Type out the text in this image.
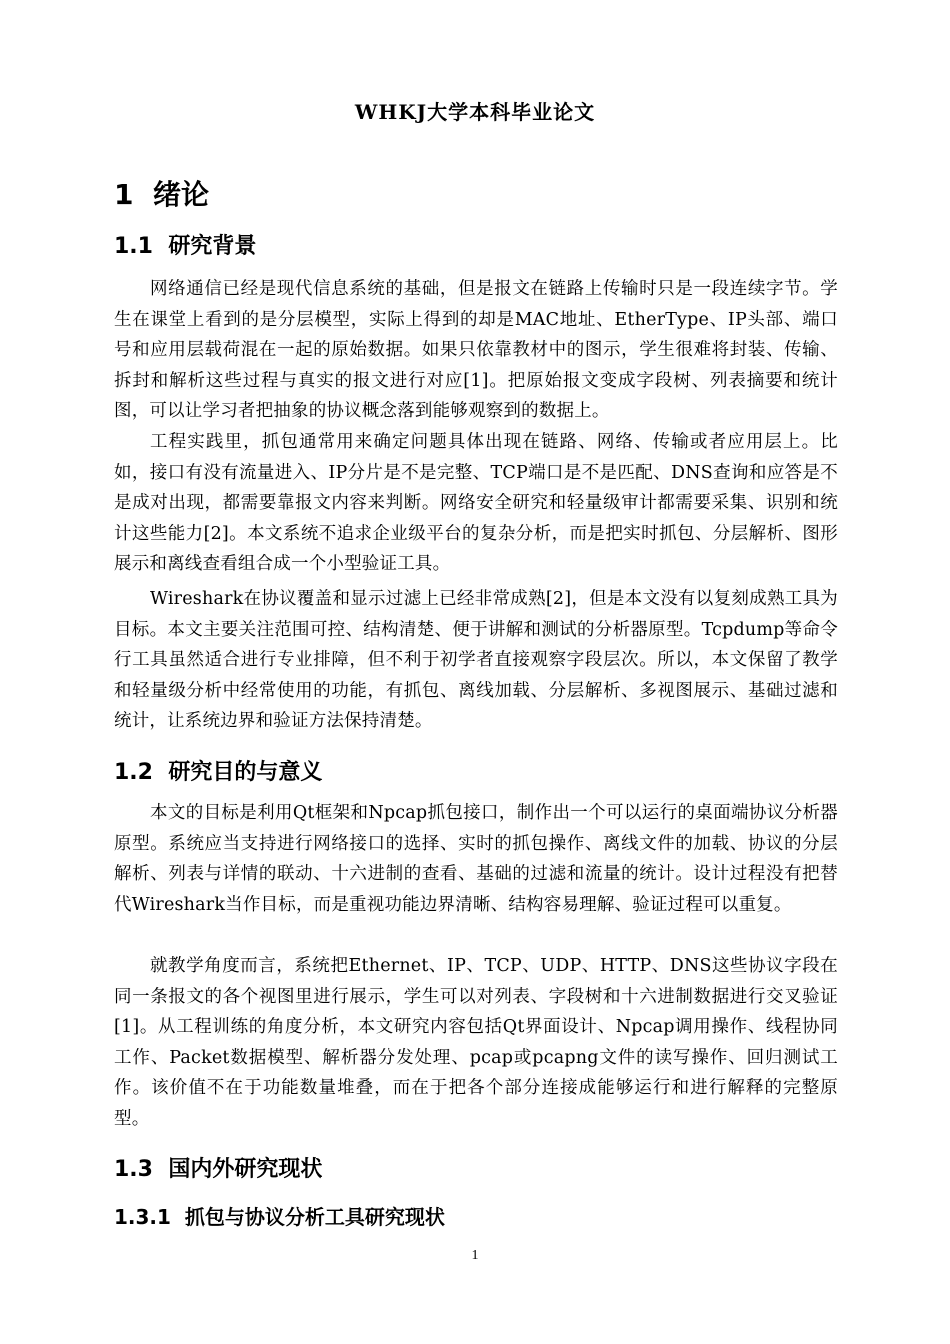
WHKJ大学本科毕业论文
1 绪论
1.1 研究背景

网络通信已经是现代信息系统的基础，但是报文在链路上传输时只是一段连续字节。学生在课堂上看到的是分层模型，实际上得到的却是MAC地址、EtherType、IP头部、端口号和应用层载荷混在一起的原始数据。如果只依靠教材中的图示，学生很难将封装、传输、拆封和解析这些过程与真实的报文进行对应[1]。把原始报文变成字段树、列表摘要和统计图，可以让学习者把抽象的协议概念落到能够观察到的数据上。

工程实践里，抓包通常用来确定问题具体出现在链路、网络、传输或者应用层上。比如，接口有没有流量进入、IP分片是不是完整、TCP端口是不是匹配、DNS查询和应答是不是成对出现，都需要靠报文内容来判断。网络安全研究和轻量级审计都需要采集、识别和统计这些能力[2]。本文系统不追求企业级平台的复杂分析，而是把实时抓包、分层解析、图形展示和离线查看组合成一个小型验证工具。

Wireshark在协议覆盖和显示过滤上已经非常成熟[2]，但是本文没有以复刻成熟工具为目标。本文主要关注范围可控、结构清楚、便于讲解和测试的分析器原型。Tcpdump等命令行工具虽然适合进行专业排障，但不利于初学者直接观察字段层次。所以，本文保留了教学和轻量级分析中经常使用的功能，有抓包、离线加载、分层解析、多视图展示、基础过滤和统计，让系统边界和验证方法保持清楚。

1.2 研究目的与意义

本文的目标是利用Qt框架和Npcap抓包接口，制作出一个可以运行的桌面端协议分析器原型。系统应当支持进行网络接口的选择、实时的抓包操作、离线文件的加载、协议的分层解析、列表与详情的联动、十六进制的查看、基础的过滤和流量的统计。设计过程没有把替代Wireshark当作目标，而是重视功能边界清晰、结构容易理解、验证过程可以重复。

就教学角度而言，系统把Ethernet、IP、TCP、UDP、HTTP、DNS这些协议字段在同一条报文的各个视图里进行展示，学生可以对列表、字段树和十六进制数据进行交叉验证[1]。从工程训练的角度分析，本文研究内容包括Qt界面设计、Npcap调用操作、线程协同工作、Packet数据模型、解析器分发处理、pcap或pcapng文件的读写操作、回归测试工作。该价值不在于功能数量堆叠，而在于把各个部分连接成能够运行和进行解释的完整原型。

1.3 国内外研究现状
1.3.1 抓包与协议分析工具研究现状
1
